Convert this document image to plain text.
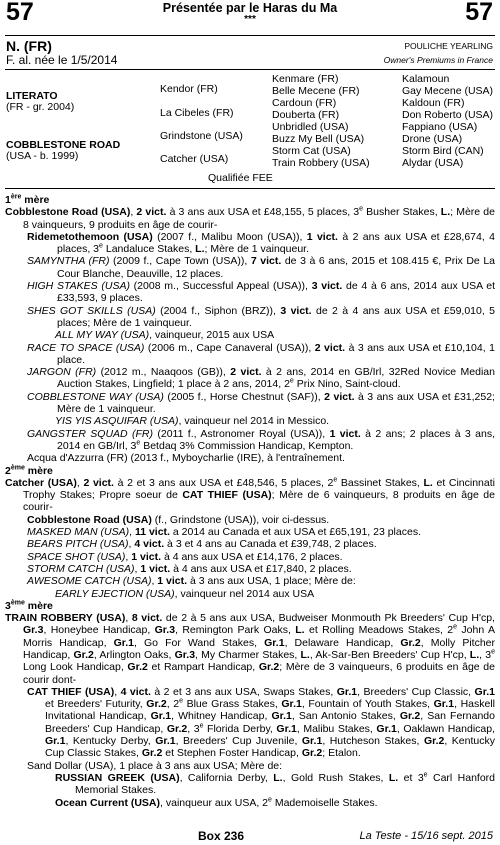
57	57
Présentée par le Haras du Ma
***
N. (FR)
F. al. née le 1/5/2014
POULICHE YEARLING
Owner's Premiums in France
LITERATO
(FR - gr. 2004)
COBBLESTONE ROAD
(USA - b. 1999)
Kendor (FR)
La Cibeles (FR)
Grindstone (USA)
Catcher (USA)
Kenmare (FR)
Belle Mecene (FR)
Cardoun (FR)
Douberta (FR)
Unbridled (USA)
Buzz My Bell (USA)
Storm Cat (USA)
Train Robbery (USA)
Kalamoun
Gay Mecene (USA)
Kaldoun (FR)
Don Roberto (USA)
Fappiano (USA)
Drone (USA)
Storm Bird (CAN)
Alydar (USA)
Qualifiée FEE

1ère mère

Cobblestone Road (USA), 2 vict. à 3 ans aux USA et £48,155, 5 places, 3e Busher Stakes, L.; Mère de 8 vainqueurs, 9 produits en âge de courir-

Ridemetothemoon (USA) (2007 f., Malibu Moon (USA)), 1 vict. à 2 ans aux USA et £28,674, 4 places, 3e Landaluce Stakes, L.; Mère de 1 vainqueur.

SAMYNTHA (FR) (2009 f., Cape Town (USA)), 7 vict. de 3 à 6 ans, 2015 et 108.415 €, Prix De La Cour Blanche, Deauville, 12 places.

HIGH STAKES (USA) (2008 m., Successful Appeal (USA)), 3 vict. de 4 à 6 ans, 2014 aux USA et £33,593, 9 places.

SHES GOT SKILLS (USA) (2004 f., Siphon (BRZ)), 3 vict. de 2 à 4 ans aux USA et £59,010, 5 places; Mère de 1 vainqueur.

ALL MY WAY (USA), vainqueur, 2015 aux USA

RACE TO SPACE (USA) (2006 m., Cape Canaveral (USA)), 2 vict. à 3 ans aux USA et £10,104, 1 place.

JARGON (FR) (2012 m., Naaqoos (GB)), 2 vict. à 2 ans, 2014 en GB/Irl, 32Red Novice Median Auction Stakes, Lingfield; 1 place à 2 ans, 2014, 2e Prix Nino, Saint-cloud.

COBBLESTONE WAY (USA) (2005 f., Horse Chestnut (SAF)), 2 vict. à 3 ans aux USA et £31,252; Mère de 1 vainqueur.

YIS YIS ASQUIFAR (USA), vainqueur nel 2014 in Messico.

GANGSTER SQUAD (FR) (2011 f., Astronomer Royal (USA)), 1 vict. à 2 ans; 2 places à 3 ans, 2014 en GB/Irl, 3e Betdaq 3% Commission Handicap, Kempton.

Acqua d'Azzurra (FR) (2013 f., Myboycharlie (IRE), à l'entraînement.

2ème mère

Catcher (USA), 2 vict. à 2 et 3 ans aux USA et £48,546, 5 places, 2e Bassinet Stakes, L. et Cincinnati Trophy Stakes; Propre soeur de CAT THIEF (USA); Mère de 6 vainqueurs, 8 produits en âge de courir-

Cobblestone Road (USA) (f., Grindstone (USA)), voir ci-dessus.

MASKED MAN (USA), 11 vict. a 2014 au Canada et aux USA et £65,191, 23 places.

BEARS PITCH (USA), 4 vict. à 3 et 4 ans au Canada et £39,748, 2 places.

SPACE SHOT (USA), 1 vict. à 4 ans aux USA et £14,176, 2 places.

STORM CATCH (USA), 1 vict. à 4 ans aux USA et £17,840, 2 places.

AWESOME CATCH (USA), 1 vict. à 3 ans aux USA, 1 place; Mère de:

EARLY EJECTION (USA), vainqueur nel 2014 aux USA

3ème mère

TRAIN ROBBERY (USA), 8 vict. de 2 à 5 ans aux USA, Budweiser Monmouth Pk Breeders' Cup H'cp, Gr.3, Honeybee Handicap, Gr.3, Remington Park Oaks, L. et Rolling Meadows Stakes, 2e John A Morris Handicap, Gr.1, Go For Wand Stakes, Gr.1, Delaware Handicap, Gr.2, Molly Pitcher Handicap, Gr.2, Arlington Oaks, Gr.3, My Charmer Stakes, L., Ak-Sar-Ben Breeders' Cup H'cp, L., 3e Long Look Handicap, Gr.2 et Rampart Handicap, Gr.2; Mère de 3 vainqueurs, 6 produits en âge de courir dont-

CAT THIEF (USA), 4 vict. à 2 et 3 ans aux USA, Swaps Stakes, Gr.1, Breeders' Cup Classic, Gr.1 et Breeders' Futurity, Gr.2, 2e Blue Grass Stakes, Gr.1, Fountain of Youth Stakes, Gr.1, Haskell Invitational Handicap, Gr.1, Whitney Handicap, Gr.1, San Antonio Stakes, Gr.2, San Fernando Breeders' Cup Handicap, Gr.2, 3e Florida Derby, Gr.1, Malibu Stakes, Gr.1, Oaklawn Handicap, Gr.1, Kentucky Derby, Gr.1, Breeders' Cup Juvenile, Gr.1, Hutcheson Stakes, Gr.2, Kentucky Cup Classic Stakes, Gr.2 et Stephen Foster Handicap, Gr.2; Etalon.

Sand Dollar (USA), 1 place à 3 ans aux USA; Mère de:

RUSSIAN GREEK (USA), California Derby, L., Gold Rush Stakes, L. et 3e Carl Hanford Memorial Stakes.

Ocean Current (USA), vainqueur aux USA, 2e Mademoiselle Stakes.

Box 236	La Teste - 15/16 sept. 2015
